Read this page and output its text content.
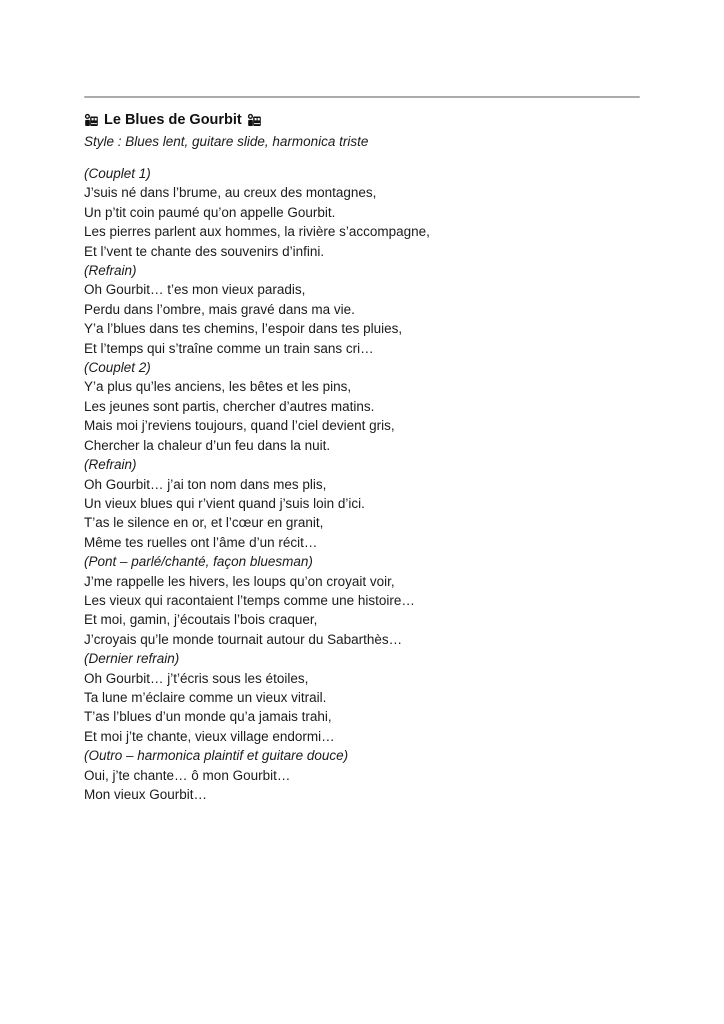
Le Blues de Gourbit

Style : Blues lent, guitare slide, harmonica triste

(Couplet 1)

J’suis né dans l’brume, au creux des montagnes,

Un p’tit coin paumé qu’on appelle Gourbit.

Les pierres parlent aux hommes, la rivière s’accompagne,

Et l’vent te chante des souvenirs d’infini.

(Refrain)

Oh Gourbit… t’es mon vieux paradis,

Perdu dans l’ombre, mais gravé dans ma vie.

Y’a l’blues dans tes chemins, l’espoir dans tes pluies,

Et l’temps qui s’traîne comme un train sans cri…

(Couplet 2)

Y’a plus qu’les anciens, les bêtes et les pins,

Les jeunes sont partis, chercher d’autres matins.

Mais moi j’reviens toujours, quand l’ciel devient gris,

Chercher la chaleur d’un feu dans la nuit.

(Refrain)

Oh Gourbit… j’ai ton nom dans mes plis,

Un vieux blues qui r’vient quand j’suis loin d’ici.

T’as le silence en or, et l’cœur en granit,

Même tes ruelles ont l’âme d’un récit…

(Pont – parlé/chanté, façon bluesman)

J’me rappelle les hivers, les loups qu’on croyait voir,

Les vieux qui racontaient l’temps comme une histoire…

Et moi, gamin, j’écoutais l’bois craquer,

J’croyais qu’le monde tournait autour du Sabarthès…

(Dernier refrain)

Oh Gourbit… j’t’écris sous les étoiles,

Ta lune m’éclaire comme un vieux vitrail.

T’as l’blues d’un monde qu’a jamais trahi,

Et moi j’te chante, vieux village endormi…

(Outro – harmonica plaintif et guitare douce)

Oui, j’te chante… ô mon Gourbit…

Mon vieux Gourbit…
